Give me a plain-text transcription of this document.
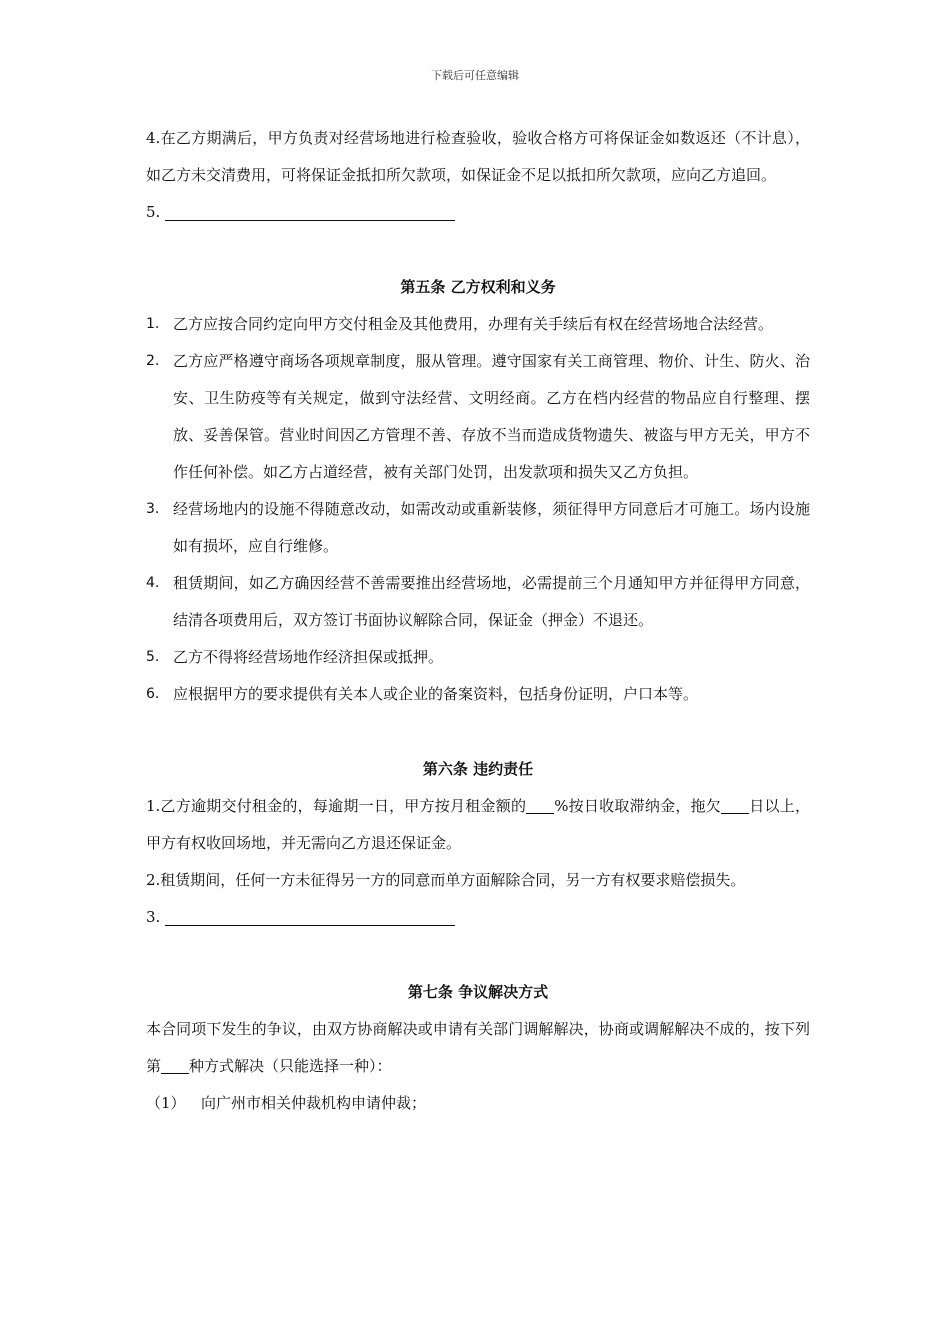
下载后可任意编辑

4.在乙方期满后，甲方负责对经营场地进行检查验收，验收合格方可将保证金如数返还（不计息），如乙方未交清费用，可将保证金抵扣所欠款项，如保证金不足以抵扣所欠款项，应向乙方追回。

5.

第五条 乙方权利和义务

1. 乙方应按合同约定向甲方交付租金及其他费用，办理有关手续后有权在经营场地合法经营。
2. 乙方应严格遵守商场各项规章制度，服从管理。遵守国家有关工商管理、物价、计生、防火、治安、卫生防疫等有关规定，做到守法经营、文明经商。乙方在档内经营的物品应自行整理、摆放、妥善保管。营业时间因乙方管理不善、存放不当而造成货物遗失、被盗与甲方无关，甲方不作任何补偿。如乙方占道经营，被有关部门处罚，出发款项和损失又乙方负担。
3. 经营场地内的设施不得随意改动，如需改动或重新装修，须征得甲方同意后才可施工。场内设施如有损坏，应自行维修。
4. 租赁期间，如乙方确因经营不善需要推出经营场地，必需提前三个月通知甲方并征得甲方同意，结清各项费用后，双方签订书面协议解除合同，保证金（押金）不退还。
5. 乙方不得将经营场地作经济担保或抵押。
6. 应根据甲方的要求提供有关本人或企业的备案资料，包括身份证明，户口本等。

第六条 违约责任

1.乙方逾期交付租金的，每逾期一日，甲方按月租金额的 %按日收取滞纳金，拖欠 日以上，甲方有权收回场地，并无需向乙方退还保证金。

2.租赁期间，任何一方未征得另一方的同意而单方面解除合同，另一方有权要求赔偿损失。

3.

第七条 争议解决方式

本合同项下发生的争议，由双方协商解决或申请有关部门调解解决，协商或调解解决不成的，按下列第 种方式解决（只能选择一种）：

（1）	向广州市相关仲裁机构申请仲裁；
